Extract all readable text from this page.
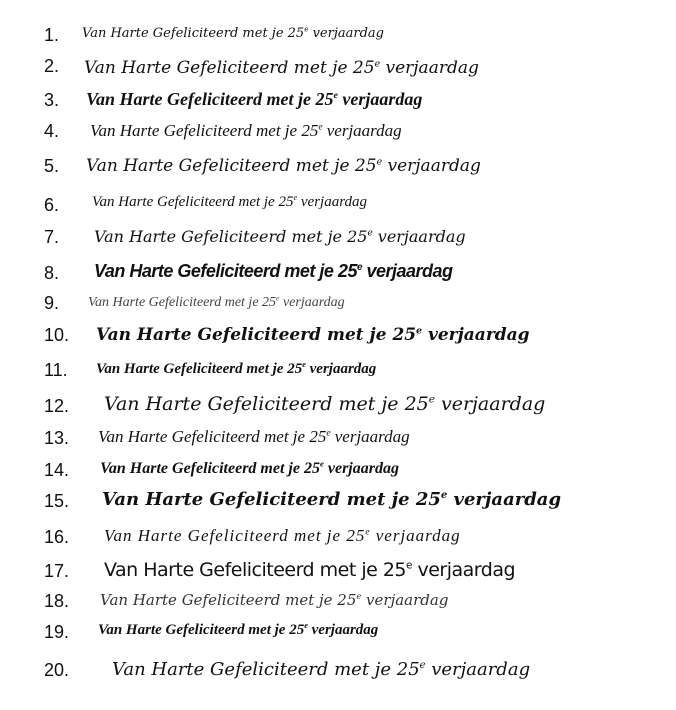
1. Van Harte Gefeliciteerd met je 25e verjaardag
2. Van Harte Gefeliciteerd met je 25e verjaardag
3. Van Harte Gefeliciteerd met je 25e verjaardag
4. Van Harte Gefeliciteerd met je 25e verjaardag
5. Van Harte Gefeliciteerd met je 25e verjaardag
6. Van Harte Gefeliciteerd met je 25e verjaardag
7. Van Harte Gefeliciteerd met je 25e verjaardag
8. Van Harte Gefeliciteerd met je 25e verjaardag
9. Van Harte Gefeliciteerd met je 25e verjaardag
10. Van Harte Gefeliciteerd met je 25e verjaardag
11. Van Harte Gefeliciteerd met je 25e verjaardag
12. Van Harte Gefeliciteerd met je 25e verjaardag
13. Van Harte Gefeliciteerd met je 25e verjaardag
14. Van Harte Gefeliciteerd met je 25e verjaardag
15. Van Harte Gefeliciteerd met je 25e verjaardag
16. Van Harte Gefeliciteerd met je 25e verjaardag
17. Van Harte Gefeliciteerd met je 25e verjaardag
18. Van Harte Gefeliciteerd met je 25e verjaardag
19. Van Harte Gefeliciteerd met je 25e verjaardag
20. Van Harte Gefeliciteerd met je 25e verjaardag
